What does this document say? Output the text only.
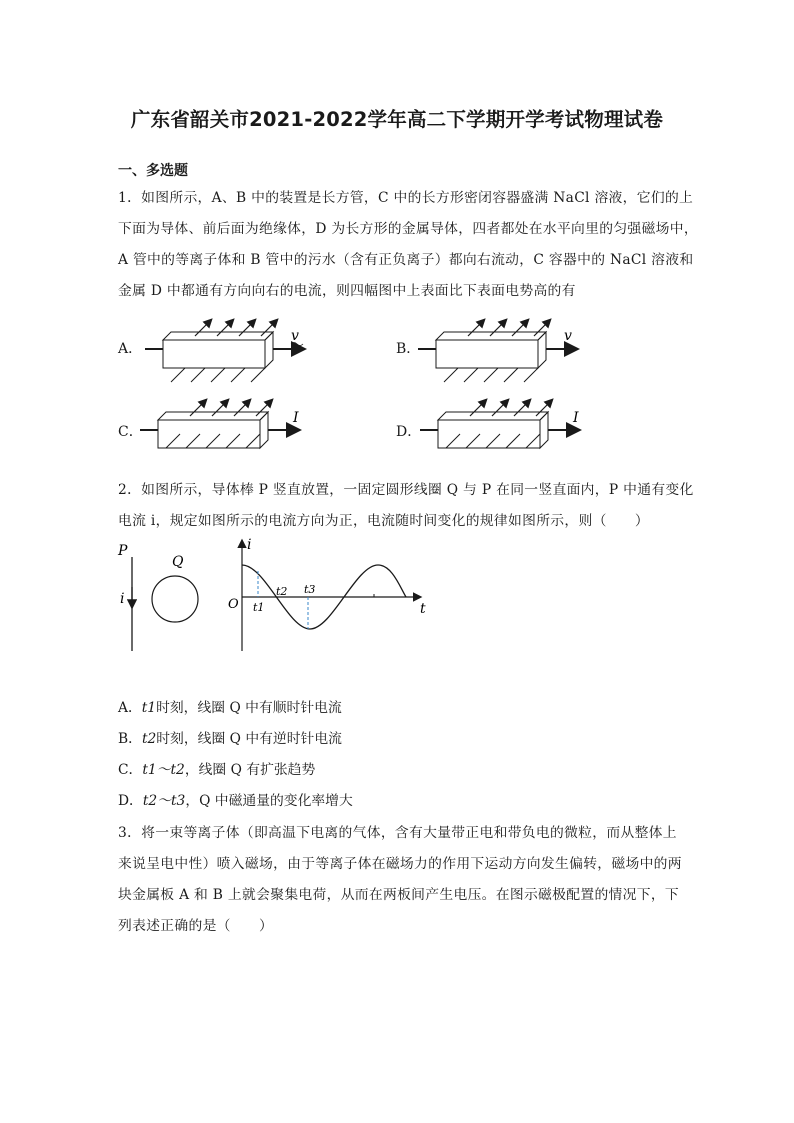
广东省韶关市2021-2022学年高二下学期开学考试物理试卷
一、多选题
1．如图所示，A、B 中的装置是长方管，C 中的长方形密闭容器盛满 NaCl 溶液，它们的上
下面为导体、前后面为绝缘体，D 为长方形的金属导体，四者都处在水平向里的匀强磁场中，
A 管中的等离子体和 B 管中的污水（含有正负离子）都向右流动，C 容器中的 NaCl 溶液和
金属 D 中都通有方向向右的电流，则四幅图中上表面比下表面电势高的有
A．	B．
C．	D．
v	v
I	I
2．如图所示，导体棒 P 竖直放置，一固定圆形线圈 Q 与 P 在同一竖直面内，P 中通有变化
电流 i，规定如图所示的电流方向为正，电流随时间变化的规律如图所示，则（　　）
P
i
Q
i
t
O t1
t2 t3
A．t1时刻，线圈 Q 中有顺时针电流
B．t2时刻，线圈 Q 中有逆时针电流
C．t1～t2，线圈 Q 有扩张趋势
D．t2～t3，Q 中磁通量的变化率增大
3．将一束等离子体（即高温下电离的气体，含有大量带正电和带负电的微粒，而从整体上
来说呈电中性）喷入磁场，由于等离子体在磁场力的作用下运动方向发生偏转，磁场中的两
块金属板 A 和 B 上就会聚集电荷，从而在两板间产生电压。在图示磁极配置的情况下，下
列表述正确的是（　　）
